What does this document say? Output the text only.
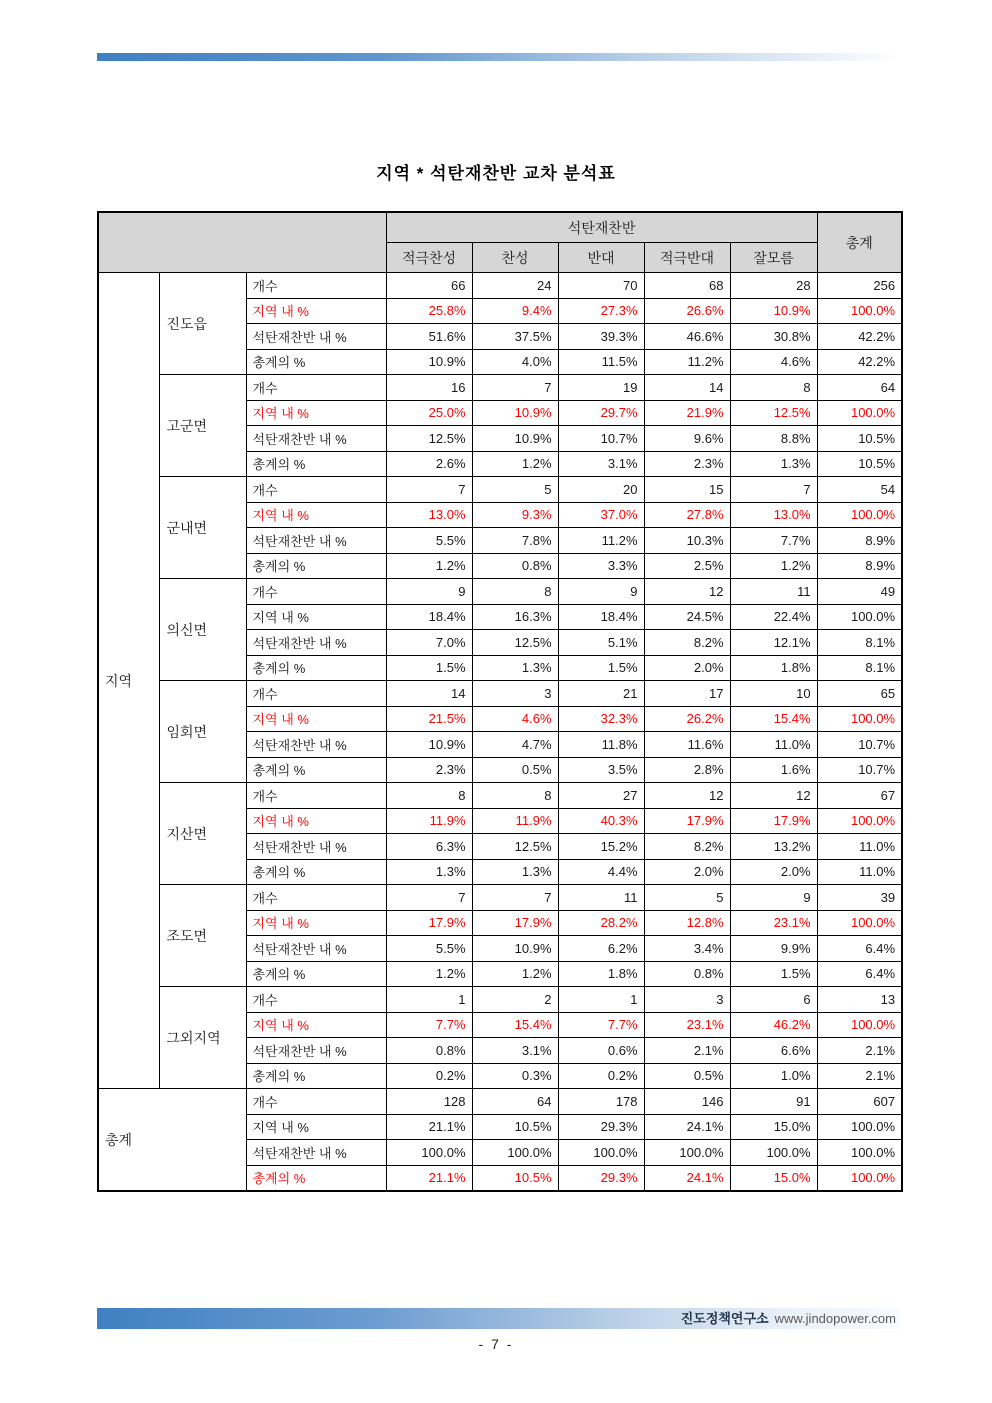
지역 * 석탄재찬반 교차 분석표
			석탄재찬반					총계
			적극찬성	찬성	반대	적극반대	잘모름	
지역	진도읍	개수	66	24	70	68	28	256
		지역 내 %	25.8%	9.4%	27.3%	26.6%	10.9%	100.0%
		석탄재찬반 내 %	51.6%	37.5%	39.3%	46.6%	30.8%	42.2%
		총계의 %	10.9%	4.0%	11.5%	11.2%	4.6%	42.2%
	고군면	개수	16	7	19	14	8	64
		지역 내 %	25.0%	10.9%	29.7%	21.9%	12.5%	100.0%
		석탄재찬반 내 %	12.5%	10.9%	10.7%	9.6%	8.8%	10.5%
		총계의 %	2.6%	1.2%	3.1%	2.3%	1.3%	10.5%
	군내면	개수	7	5	20	15	7	54
		지역 내 %	13.0%	9.3%	37.0%	27.8%	13.0%	100.0%
		석탄재찬반 내 %	5.5%	7.8%	11.2%	10.3%	7.7%	8.9%
		총계의 %	1.2%	0.8%	3.3%	2.5%	1.2%	8.9%
	의신면	개수	9	8	9	12	11	49
		지역 내 %	18.4%	16.3%	18.4%	24.5%	22.4%	100.0%
		석탄재찬반 내 %	7.0%	12.5%	5.1%	8.2%	12.1%	8.1%
		총계의 %	1.5%	1.3%	1.5%	2.0%	1.8%	8.1%
	임회면	개수	14	3	21	17	10	65
		지역 내 %	21.5%	4.6%	32.3%	26.2%	15.4%	100.0%
		석탄재찬반 내 %	10.9%	4.7%	11.8%	11.6%	11.0%	10.7%
		총계의 %	2.3%	0.5%	3.5%	2.8%	1.6%	10.7%
	지산면	개수	8	8	27	12	12	67
		지역 내 %	11.9%	11.9%	40.3%	17.9%	17.9%	100.0%
		석탄재찬반 내 %	6.3%	12.5%	15.2%	8.2%	13.2%	11.0%
		총계의 %	1.3%	1.3%	4.4%	2.0%	2.0%	11.0%
	조도면	개수	7	7	11	5	9	39
		지역 내 %	17.9%	17.9%	28.2%	12.8%	23.1%	100.0%
		석탄재찬반 내 %	5.5%	10.9%	6.2%	3.4%	9.9%	6.4%
		총계의 %	1.2%	1.2%	1.8%	0.8%	1.5%	6.4%
	그외지역	개수	1	2	1	3	6	13
		지역 내 %	7.7%	15.4%	7.7%	23.1%	46.2%	100.0%
		석탄재찬반 내 %	0.8%	3.1%	0.6%	2.1%	6.6%	2.1%
		총계의 %	0.2%	0.3%	0.2%	0.5%	1.0%	2.1%
총계		개수	128	64	178	146	91	607
		지역 내 %	21.1%	10.5%	29.3%	24.1%	15.0%	100.0%
		석탄재찬반 내 %	100.0%	100.0%	100.0%	100.0%	100.0%	100.0%
		총계의 %	21.1%	10.5%	29.3%	24.1%	15.0%	100.0%
진도정책연구소 www.jindopower.com
- 7 -
